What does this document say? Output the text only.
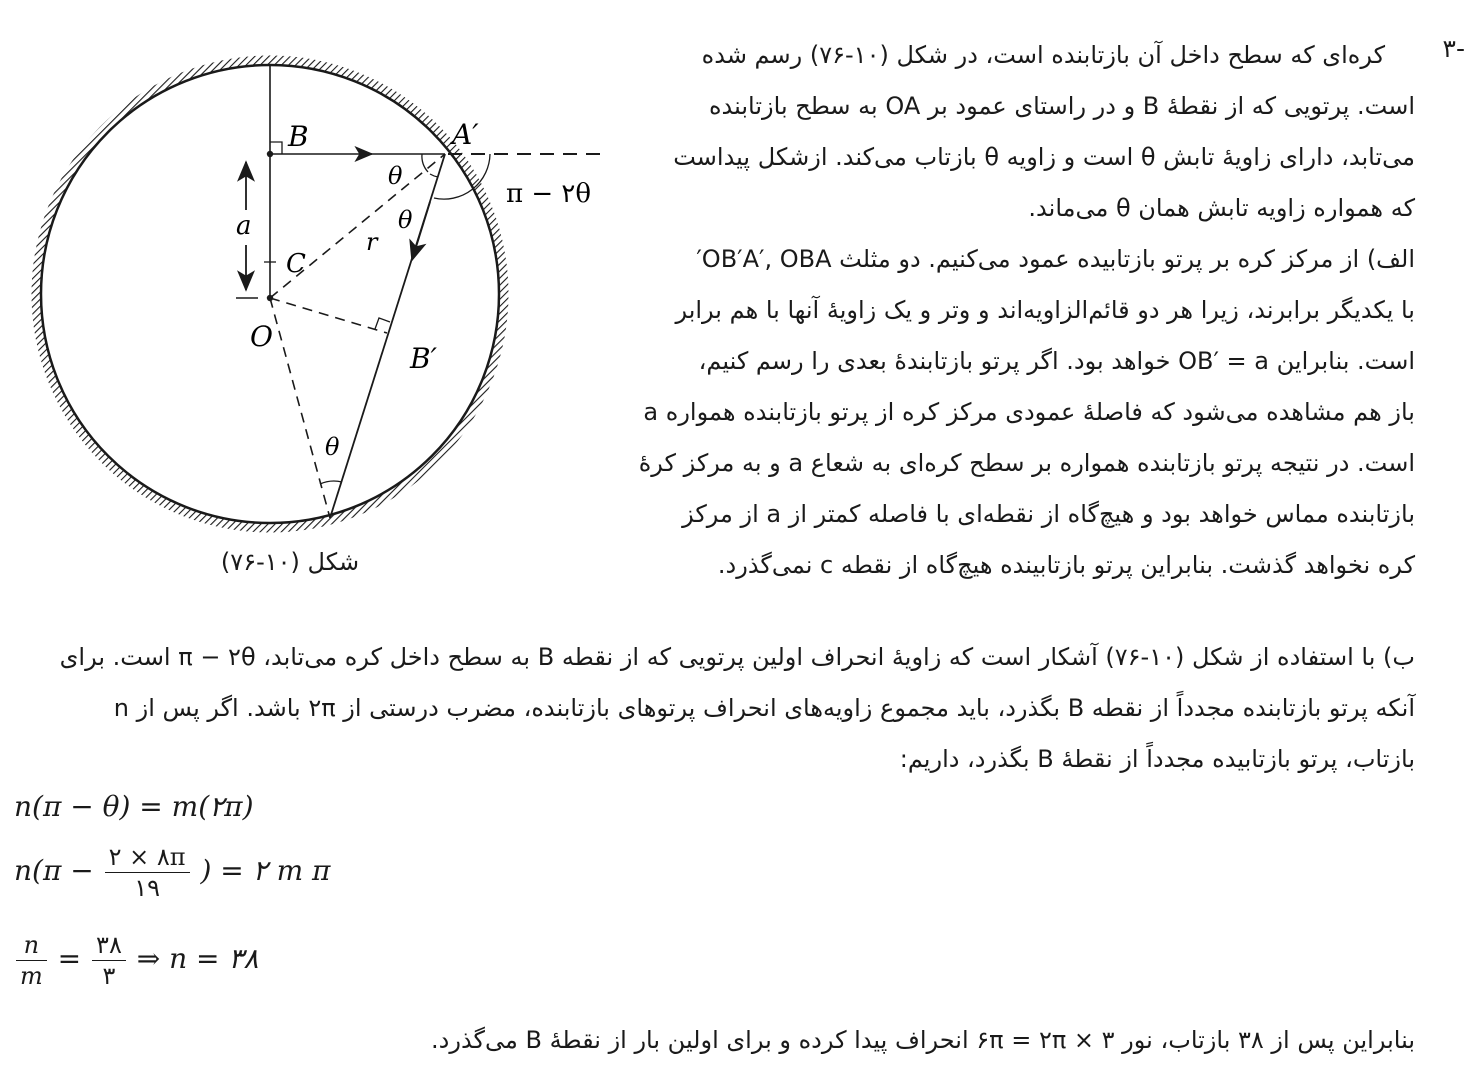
-۳
کره‌ای که سطح داخل آن بازتابنده است، در شکل (۱۰-۷۶) رسم شده
است. پرتویی که از نقطهٔ B و در راستای عمود بر OA به سطح بازتابنده
می‌تابد، دارای زاویهٔ تابش θ است و زاویه θ بازتاب می‌کند. ازشکل پیداست
که همواره زاویه تابش همان θ می‌ماند.
الف) از مرکز کره بر پرتو بازتابیده عمود می‌کنیم. دو مثلث OB′A′, OBA′
با یکدیگر برابرند، زیرا هر دو قائم‌الزاویه‌اند و وتر و یک زاویهٔ آنها با هم برابر
است. بنابراین OB′ = a خواهد بود. اگر پرتو بازتابندهٔ بعدی را رسم کنیم،
باز هم مشاهده می‌شود که فاصلهٔ عمودی مرکز کره از پرتو بازتابنده همواره a
است. در نتیجه پرتو بازتابنده همواره بر سطح کره‌ای به شعاع a و به مرکز کرهٔ
بازتابنده مماس خواهد بود و هیچ‌گاه از نقطه‌ای با فاصله کمتر از a از مرکز
کره نخواهد گذشت. بنابراین پرتو بازتابینده هیچ‌گاه از نقطه c نمی‌گذرد.
B	A′
a
C
O
B′
r
θ
θ
θ
π − ۲θ
شکل (۱۰-۷۶)
ب) با استفاده از شکل (۱۰-۷۶) آشکار است که زاویهٔ انحراف اولین پرتویی که از نقطه B به سطح داخل کره می‌تابد، π − ۲θ است. برای
آنکه پرتو بازتابنده مجدداً از نقطه B بگذرد، باید مجموع زاویه‌های انحراف پرتوهای بازتابنده، مضرب درستی از ۲π باشد. اگر پس از n
بازتاب، پرتو بازتابیده مجدداً از نقطهٔ B بگذرد، داریم:
n(π − θ) = m(۲π)
$n(\pi - \frac{۲ \times ۸\pi}{۱۹}$ ) = ۲ m π
$\frac{n}{m} = \frac{۳۸}{۳}$ ⇒ n = ۳۸
بنابراین پس از ۳۸ بازتاب، نور ۶π = ۲π × ۳ انحراف پیدا کرده و برای اولین بار از نقطهٔ B می‌گذرد.
